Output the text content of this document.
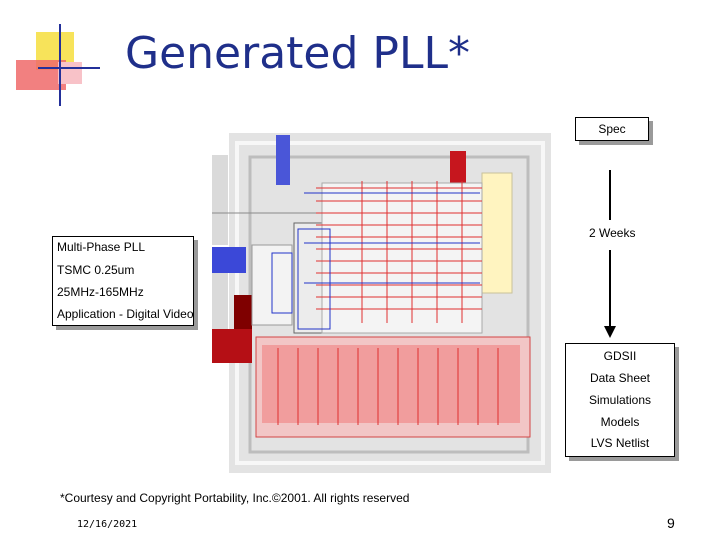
Generated PLL*
Spec
2 Weeks
Multi-Phase PLL
TSMC 0.25um
25MHz-165MHz
Application - Digital Video
GDSII
Data Sheet
Simulations
Models
LVS Netlist
*Courtesy and Copyright Portability, Inc.©2001. All rights reserved
12/16/2021	9
